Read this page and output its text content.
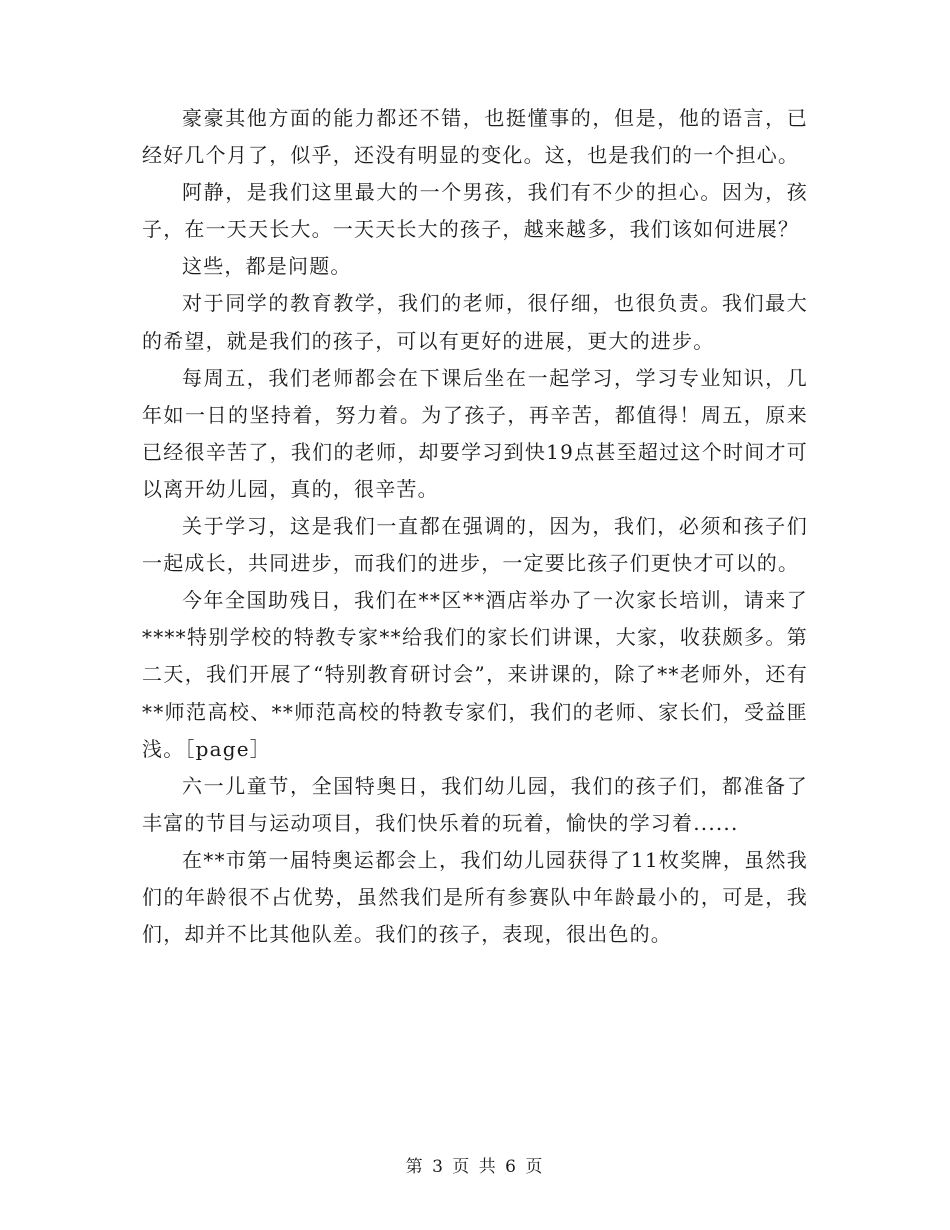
豪豪其他方面的能力都还不错，也挺懂事的，但是，他的语言，已经好几个月了，似乎，还没有明显的变化。这，也是我们的一个担心。

阿静，是我们这里最大的一个男孩，我们有不少的担心。因为，孩子，在一天天长大。一天天长大的孩子，越来越多，我们该如何进展？

这些，都是问题。

对于同学的教育教学，我们的老师，很仔细，也很负责。我们最大的希望，就是我们的孩子，可以有更好的进展，更大的进步。

每周五，我们老师都会在下课后坐在一起学习，学习专业知识，几年如一日的坚持着，努力着。为了孩子，再辛苦，都值得！周五，原来已经很辛苦了，我们的老师，却要学习到快19点甚至超过这个时间才可以离开幼儿园，真的，很辛苦。

关于学习，这是我们一直都在强调的，因为，我们，必须和孩子们一起成长，共同进步，而我们的进步，一定要比孩子们更快才可以的。

今年全国助残日，我们在**区**酒店举办了一次家长培训，请来了****特别学校的特教专家**给我们的家长们讲课，大家，收获颇多。第二天，我们开展了“特别教育研讨会”，来讲课的，除了**老师外，还有**师范高校、**师范高校的特教专家们，我们的老师、家长们，受益匪浅。［page］

六一儿童节，全国特奥日，我们幼儿园，我们的孩子们，都准备了丰富的节目与运动项目，我们快乐着的玩着，愉快的学习着......

在**市第一届特奥运都会上，我们幼儿园获得了11枚奖牌，虽然我们的年龄很不占优势，虽然我们是所有参赛队中年龄最小的，可是，我们，却并不比其他队差。我们的孩子，表现，很出色的。

第 3 页 共 6 页
